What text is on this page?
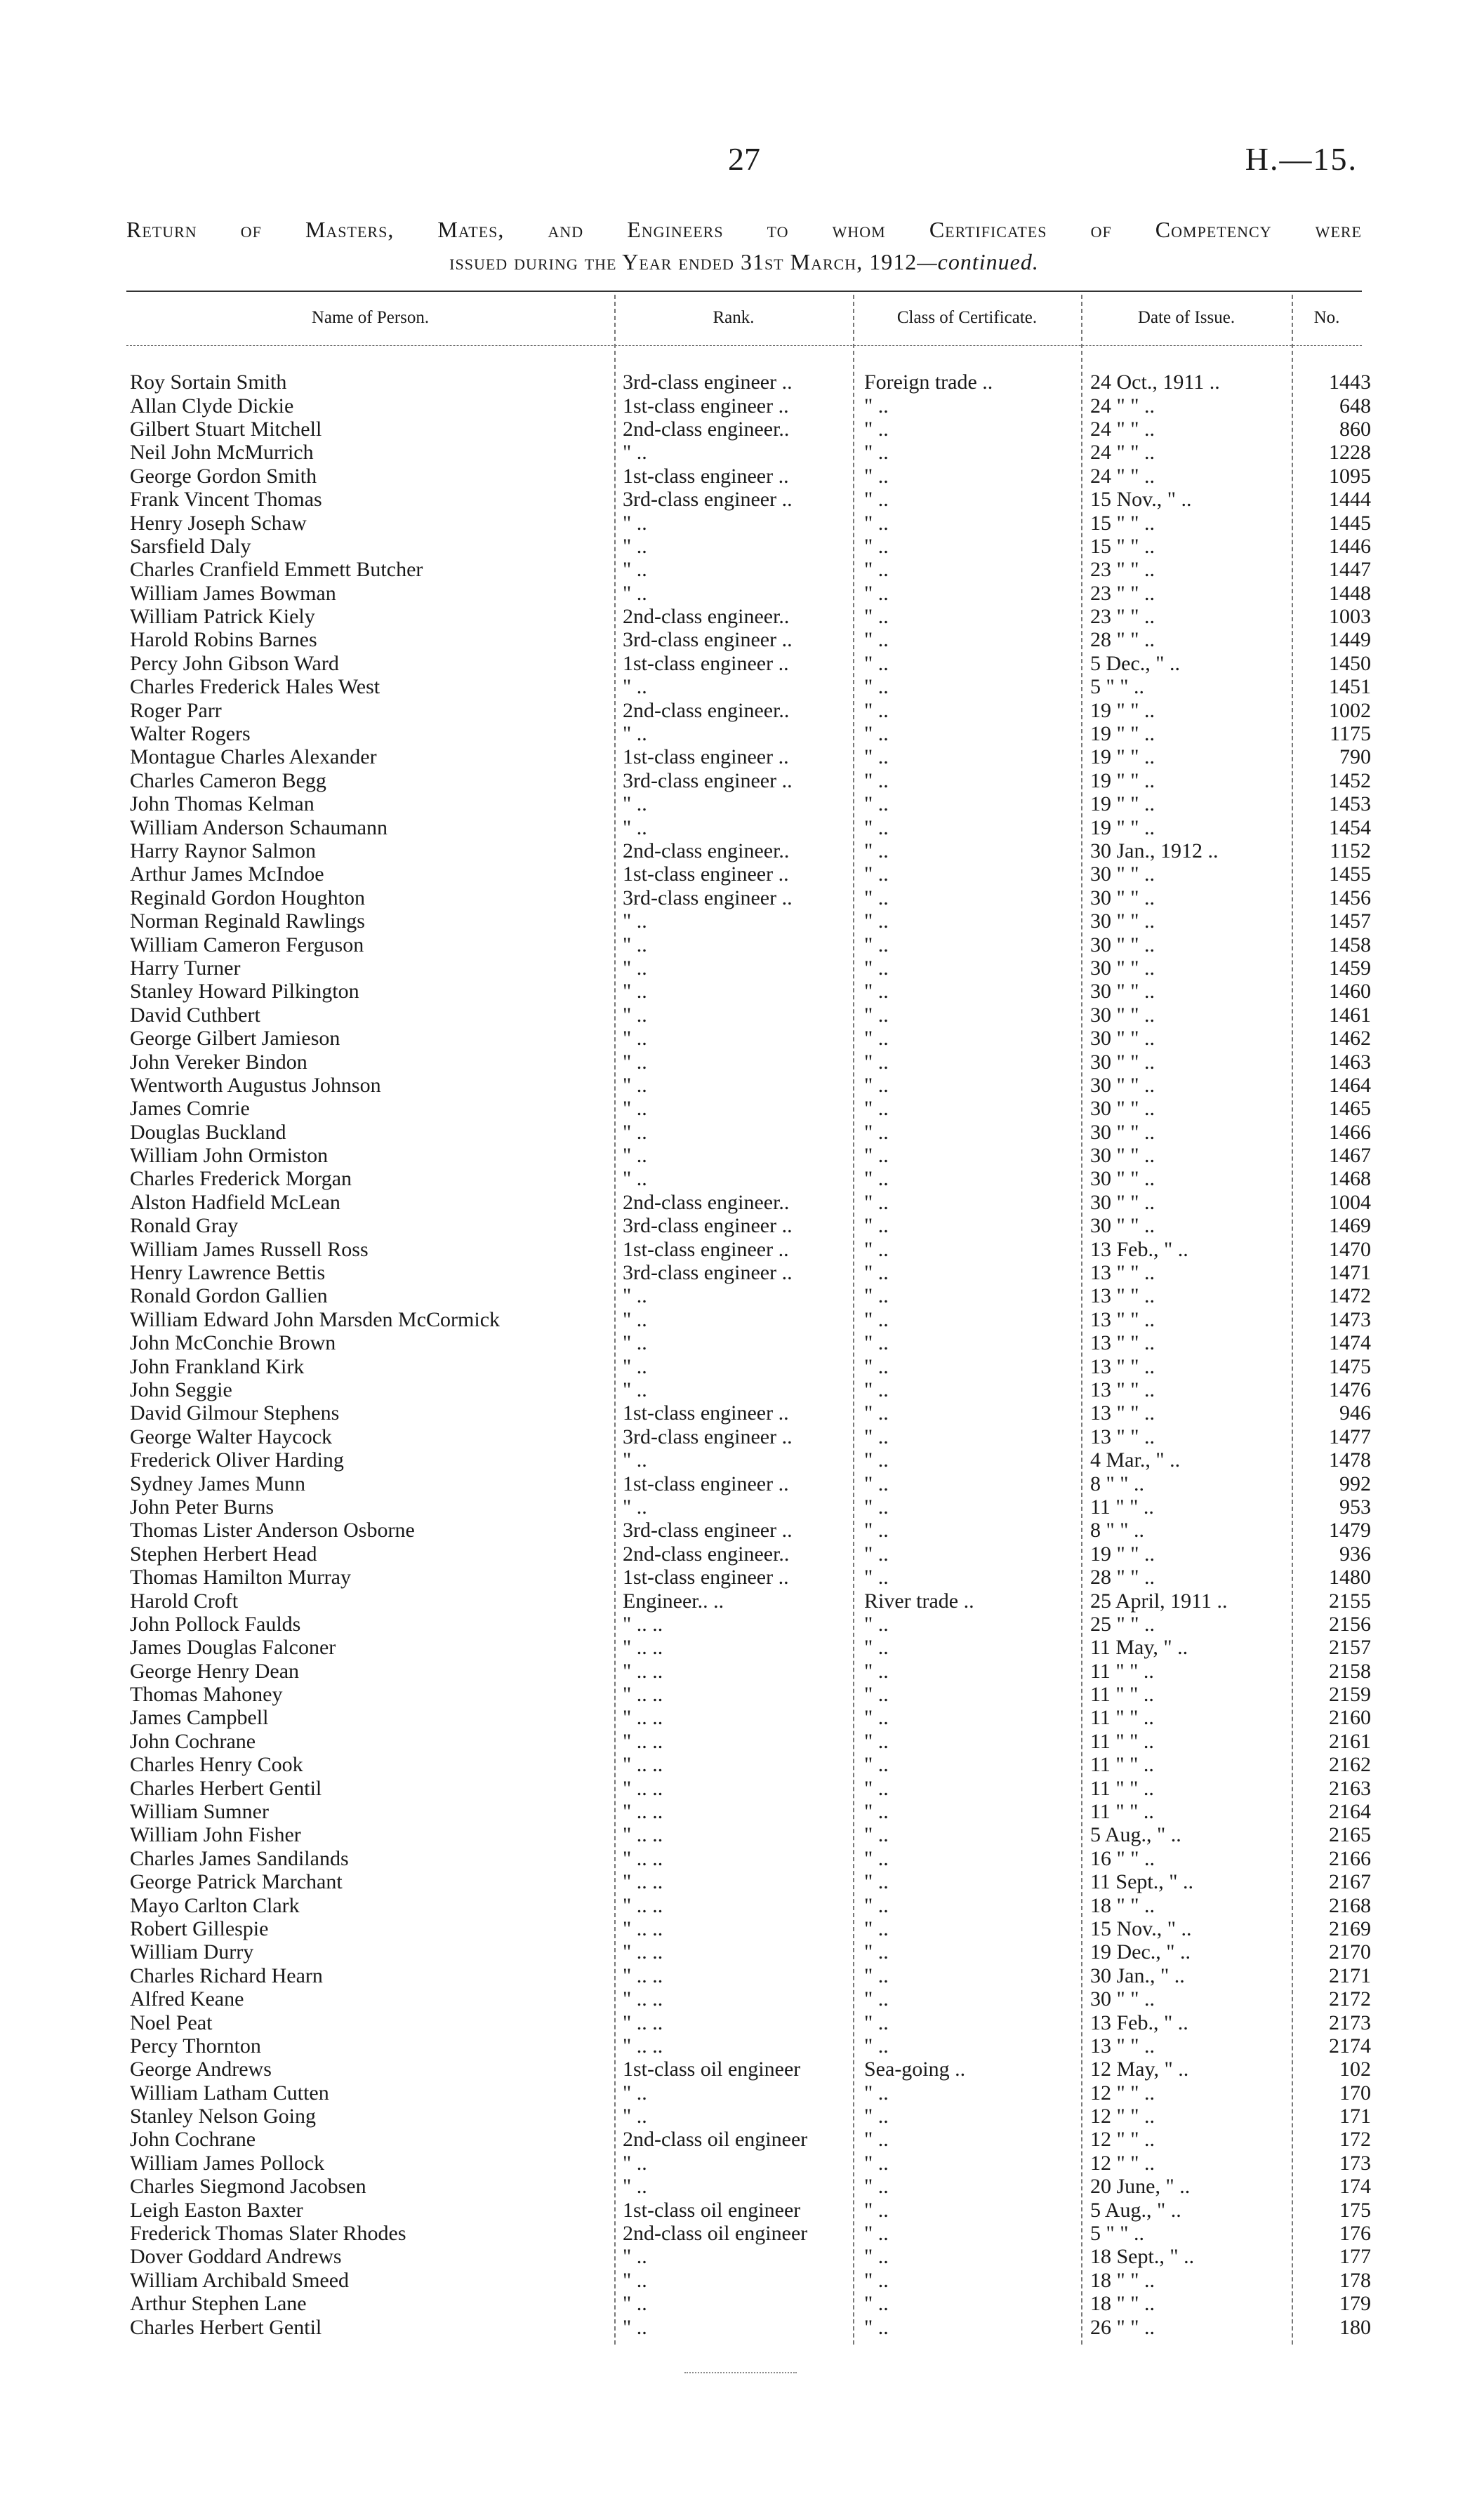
27	H.—15.
Return of Masters, Mates, and Engineers to whom Certificates of Competency were
issued during the Year ended 31st March, 1912—continued.
Name of Person.	Rank.	Class of Certificate.	Date of Issue.	No.
Roy Sortain Smith	3rd-class engineer ..	Foreign trade ..	24 Oct., 1911 ..	1443
Allan Clyde Dickie	1st-class engineer ..	" ..	24 " " ..	648
Gilbert Stuart Mitchell	2nd-class engineer..	" ..	24 " " ..	860
Neil John McMurrich	" ..	" ..	24 " " ..	1228
George Gordon Smith	1st-class engineer ..	" ..	24 " " ..	1095
Frank Vincent Thomas	3rd-class engineer ..	" ..	15 Nov., " ..	1444
Henry Joseph Schaw	" ..	" ..	15 " " ..	1445
Sarsfield Daly	" ..	" ..	15 " " ..	1446
Charles Cranfield Emmett Butcher	" ..	" ..	23 " " ..	1447
William James Bowman	" ..	" ..	23 " " ..	1448
William Patrick Kiely	2nd-class engineer..	" ..	23 " " ..	1003
Harold Robins Barnes	3rd-class engineer ..	" ..	28 " " ..	1449
Percy John Gibson Ward	1st-class engineer ..	" ..	5 Dec., " ..	1450
Charles Frederick Hales West	" ..	" ..	5 " " ..	1451
Roger Parr	2nd-class engineer..	" ..	19 " " ..	1002
Walter Rogers	" ..	" ..	19 " " ..	1175
Montague Charles Alexander	1st-class engineer ..	" ..	19 " " ..	790
Charles Cameron Begg	3rd-class engineer ..	" ..	19 " " ..	1452
John Thomas Kelman	" ..	" ..	19 " " ..	1453
William Anderson Schaumann	" ..	" ..	19 " " ..	1454
Harry Raynor Salmon	2nd-class engineer..	" ..	30 Jan., 1912 ..	1152
Arthur James McIndoe	1st-class engineer ..	" ..	30 " " ..	1455
Reginald Gordon Houghton	3rd-class engineer ..	" ..	30 " " ..	1456
Norman Reginald Rawlings	" ..	" ..	30 " " ..	1457
William Cameron Ferguson	" ..	" ..	30 " " ..	1458
Harry Turner	" ..	" ..	30 " " ..	1459
Stanley Howard Pilkington	" ..	" ..	30 " " ..	1460
David Cuthbert	" ..	" ..	30 " " ..	1461
George Gilbert Jamieson	" ..	" ..	30 " " ..	1462
John Vereker Bindon	" ..	" ..	30 " " ..	1463
Wentworth Augustus Johnson	" ..	" ..	30 " " ..	1464
James Comrie	" ..	" ..	30 " " ..	1465
Douglas Buckland	" ..	" ..	30 " " ..	1466
William John Ormiston	" ..	" ..	30 " " ..	1467
Charles Frederick Morgan	" ..	" ..	30 " " ..	1468
Alston Hadfield McLean	2nd-class engineer..	" ..	30 " " ..	1004
Ronald Gray	3rd-class engineer ..	" ..	30 " " ..	1469
William James Russell Ross	1st-class engineer ..	" ..	13 Feb., " ..	1470
Henry Lawrence Bettis	3rd-class engineer ..	" ..	13 " " ..	1471
Ronald Gordon Gallien	" ..	" ..	13 " " ..	1472
William Edward John Marsden McCormick	" ..	" ..	13 " " ..	1473
John McConchie Brown	" ..	" ..	13 " " ..	1474
John Frankland Kirk	" ..	" ..	13 " " ..	1475
John Seggie	" ..	" ..	13 " " ..	1476
David Gilmour Stephens	1st-class engineer ..	" ..	13 " " ..	946
George Walter Haycock	3rd-class engineer ..	" ..	13 " " ..	1477
Frederick Oliver Harding	" ..	" ..	4 Mar., " ..	1478
Sydney James Munn	1st-class engineer ..	" ..	8 " " ..	992
John Peter Burns	" ..	" ..	11 " " ..	953
Thomas Lister Anderson Osborne	3rd-class engineer ..	" ..	8 " " ..	1479
Stephen Herbert Head	2nd-class engineer..	" ..	19 " " ..	936
Thomas Hamilton Murray	1st-class engineer ..	" ..	28 " " ..	1480
Harold Croft	Engineer.. ..	River trade ..	25 April, 1911 ..	2155
John Pollock Faulds	" .. ..	" ..	25 " " ..	2156
James Douglas Falconer	" .. ..	" ..	11 May, " ..	2157
George Henry Dean	" .. ..	" ..	11 " " ..	2158
Thomas Mahoney	" .. ..	" ..	11 " " ..	2159
James Campbell	" .. ..	" ..	11 " " ..	2160
John Cochrane	" .. ..	" ..	11 " " ..	2161
Charles Henry Cook	" .. ..	" ..	11 " " ..	2162
Charles Herbert Gentil	" .. ..	" ..	11 " " ..	2163
William Sumner	" .. ..	" ..	11 " " ..	2164
William John Fisher	" .. ..	" ..	5 Aug., " ..	2165
Charles James Sandilands	" .. ..	" ..	16 " " ..	2166
George Patrick Marchant	" .. ..	" ..	11 Sept., " ..	2167
Mayo Carlton Clark	" .. ..	" ..	18 " " ..	2168
Robert Gillespie	" .. ..	" ..	15 Nov., " ..	2169
William Durry	" .. ..	" ..	19 Dec., " ..	2170
Charles Richard Hearn	" .. ..	" ..	30 Jan., " ..	2171
Alfred Keane	" .. ..	" ..	30 " " ..	2172
Noel Peat	" .. ..	" ..	13 Feb., " ..	2173
Percy Thornton	" .. ..	" ..	13 " " ..	2174
George Andrews	1st-class oil engineer	Sea-going ..	12 May, " ..	102
William Latham Cutten	" ..	" ..	12 " " ..	170
Stanley Nelson Going	" ..	" ..	12 " " ..	171
John Cochrane	2nd-class oil engineer	" ..	12 " " ..	172
William James Pollock	" ..	" ..	12 " " ..	173
Charles Siegmond Jacobsen	" ..	" ..	20 June, " ..	174
Leigh Easton Baxter	1st-class oil engineer	" ..	5 Aug., " ..	175
Frederick Thomas Slater Rhodes	2nd-class oil engineer	" ..	5 " " ..	176
Dover Goddard Andrews	" ..	" ..	18 Sept., " ..	177
William Archibald Smeed	" ..	" ..	18 " " ..	178
Arthur Stephen Lane	" ..	" ..	18 " " ..	179
Charles Herbert Gentil	" ..	" ..	26 " " ..	180
